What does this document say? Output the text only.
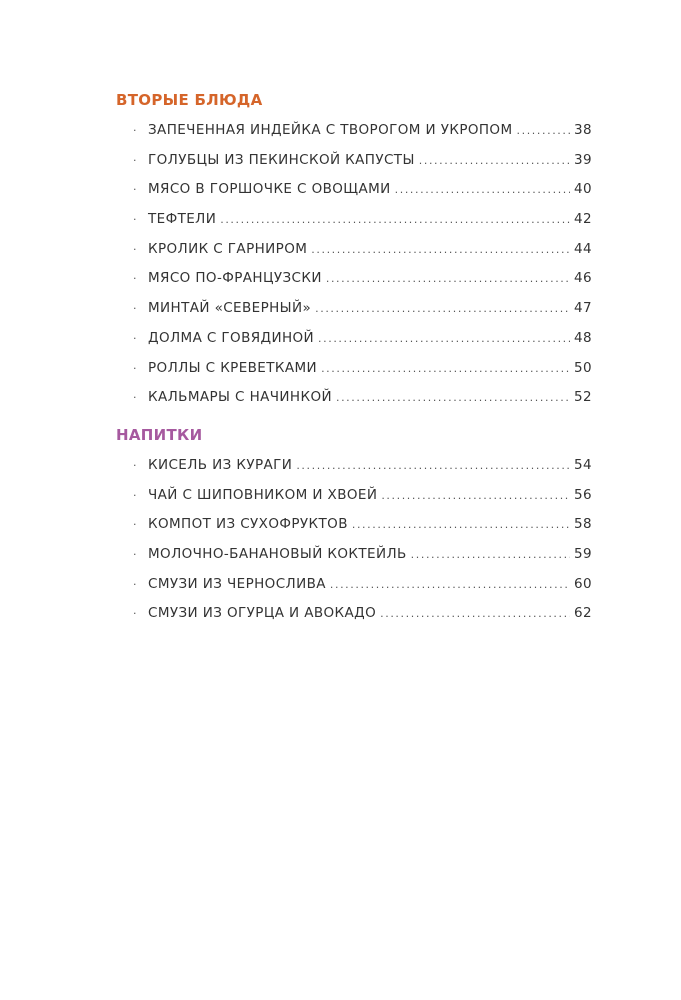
ВТОРЫЕ БЛЮДА
· ЗАПЕЧЕННАЯ ИНДЕЙКА С ТВОРОГОМ И УКРОПОМ .....	38
· ГОЛУБЦЫ ИЗ ПЕКИНСКОЙ КАПУСТЫ .....	39
· МЯСО В ГОРШОЧКЕ С ОВОЩАМИ .....	40
· ТЕФТЕЛИ .....	42
· КРОЛИК С ГАРНИРОМ .....	44
· МЯСО ПО-ФРАНЦУЗСКИ .....	46
· МИНТАЙ «СЕВЕРНЫЙ» .....	47
· ДОЛМА С ГОВЯДИНОЙ .....	48
· РОЛЛЫ С КРЕВЕТКАМИ .....	50
· КАЛЬМАРЫ С НАЧИНКОЙ .....	52
НАПИТКИ
· КИСЕЛЬ ИЗ КУРАГИ .....	54
· ЧАЙ С ШИПОВНИКОМ И ХВОЕЙ .....	56
· КОМПОТ ИЗ СУХОФРУКТОВ .....	58
· МОЛОЧНО-БАНАНОВЫЙ КОКТЕЙЛЬ .....	59
· СМУЗИ ИЗ ЧЕРНОСЛИВА .....	60
· СМУЗИ ИЗ ОГУРЦА И АВОКАДО .....	62
